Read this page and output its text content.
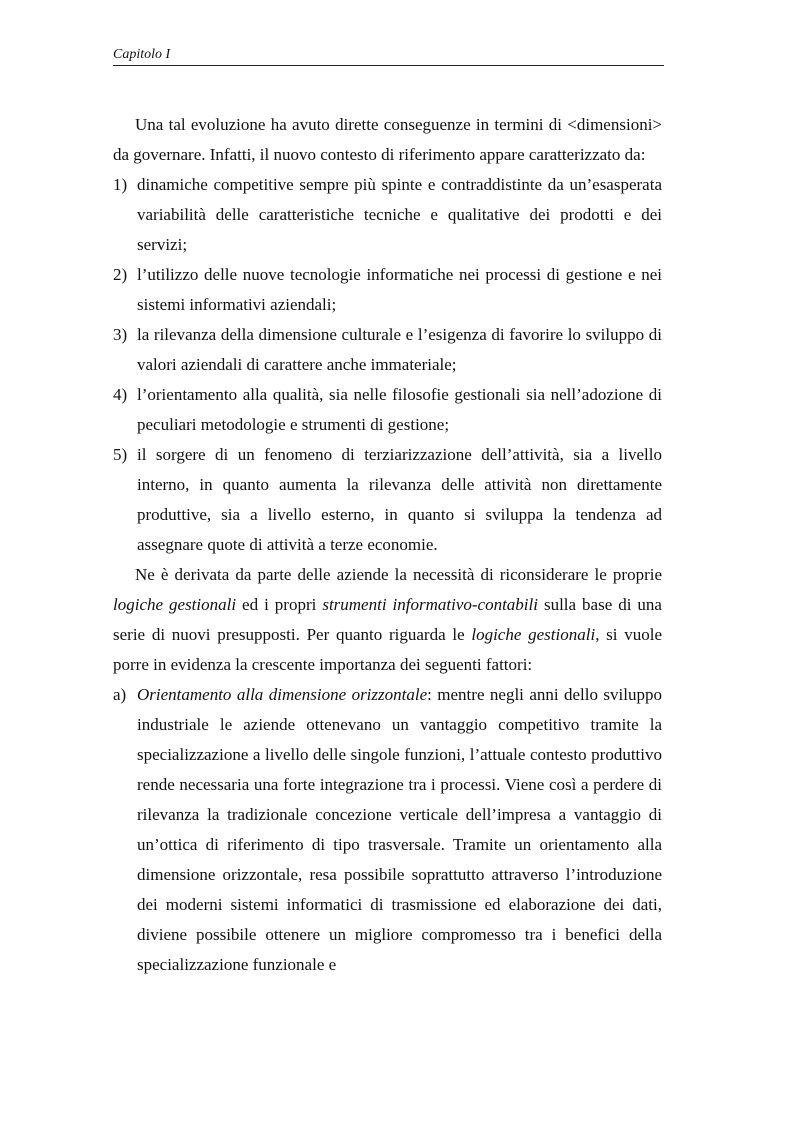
Capitolo I

Una tal evoluzione ha avuto dirette conseguenze in termini di <dimensioni> da governare. Infatti, il nuovo contesto di riferimento appare caratterizzato da:

1) dinamiche competitive sempre più spinte e contraddistinte da un’esasperata variabilità delle caratteristiche tecniche e qualitative dei prodotti e dei servizi;
2) l’utilizzo delle nuove tecnologie informatiche nei processi di gestione e nei sistemi informativi aziendali;
3) la rilevanza della dimensione culturale e l’esigenza di favorire lo sviluppo di valori aziendali di carattere anche immateriale;
4) l’orientamento alla qualità, sia nelle filosofie gestionali sia nell’adozione di peculiari metodologie e strumenti di gestione;
5) il sorgere di un fenomeno di terziarizzazione dell’attività, sia a livello interno, in quanto aumenta la rilevanza delle attività non direttamente produttive, sia a livello esterno, in quanto si sviluppa la tendenza ad assegnare quote di attività a terze economie.

Ne è derivata da parte delle aziende la necessità di riconsiderare le proprie logiche gestionali ed i propri strumenti informativo-contabili sulla base di una serie di nuovi presupposti. Per quanto riguarda le logiche gestionali, si vuole porre in evidenza la crescente importanza dei seguenti fattori:

a) Orientamento alla dimensione orizzontale: mentre negli anni dello sviluppo industriale le aziende ottenevano un vantaggio competitivo tramite la specializzazione a livello delle singole funzioni, l’attuale contesto produttivo rende necessaria una forte integrazione tra i processi. Viene così a perdere di rilevanza la tradizionale concezione verticale dell’impresa a vantaggio di un’ottica di riferimento di tipo trasversale. Tramite un orientamento alla dimensione orizzontale, resa possibile soprattutto attraverso l’introduzione dei moderni sistemi informatici di trasmissione ed elaborazione dei dati, diviene possibile ottenere un migliore compromesso tra i benefici della specializzazione funzionale e
